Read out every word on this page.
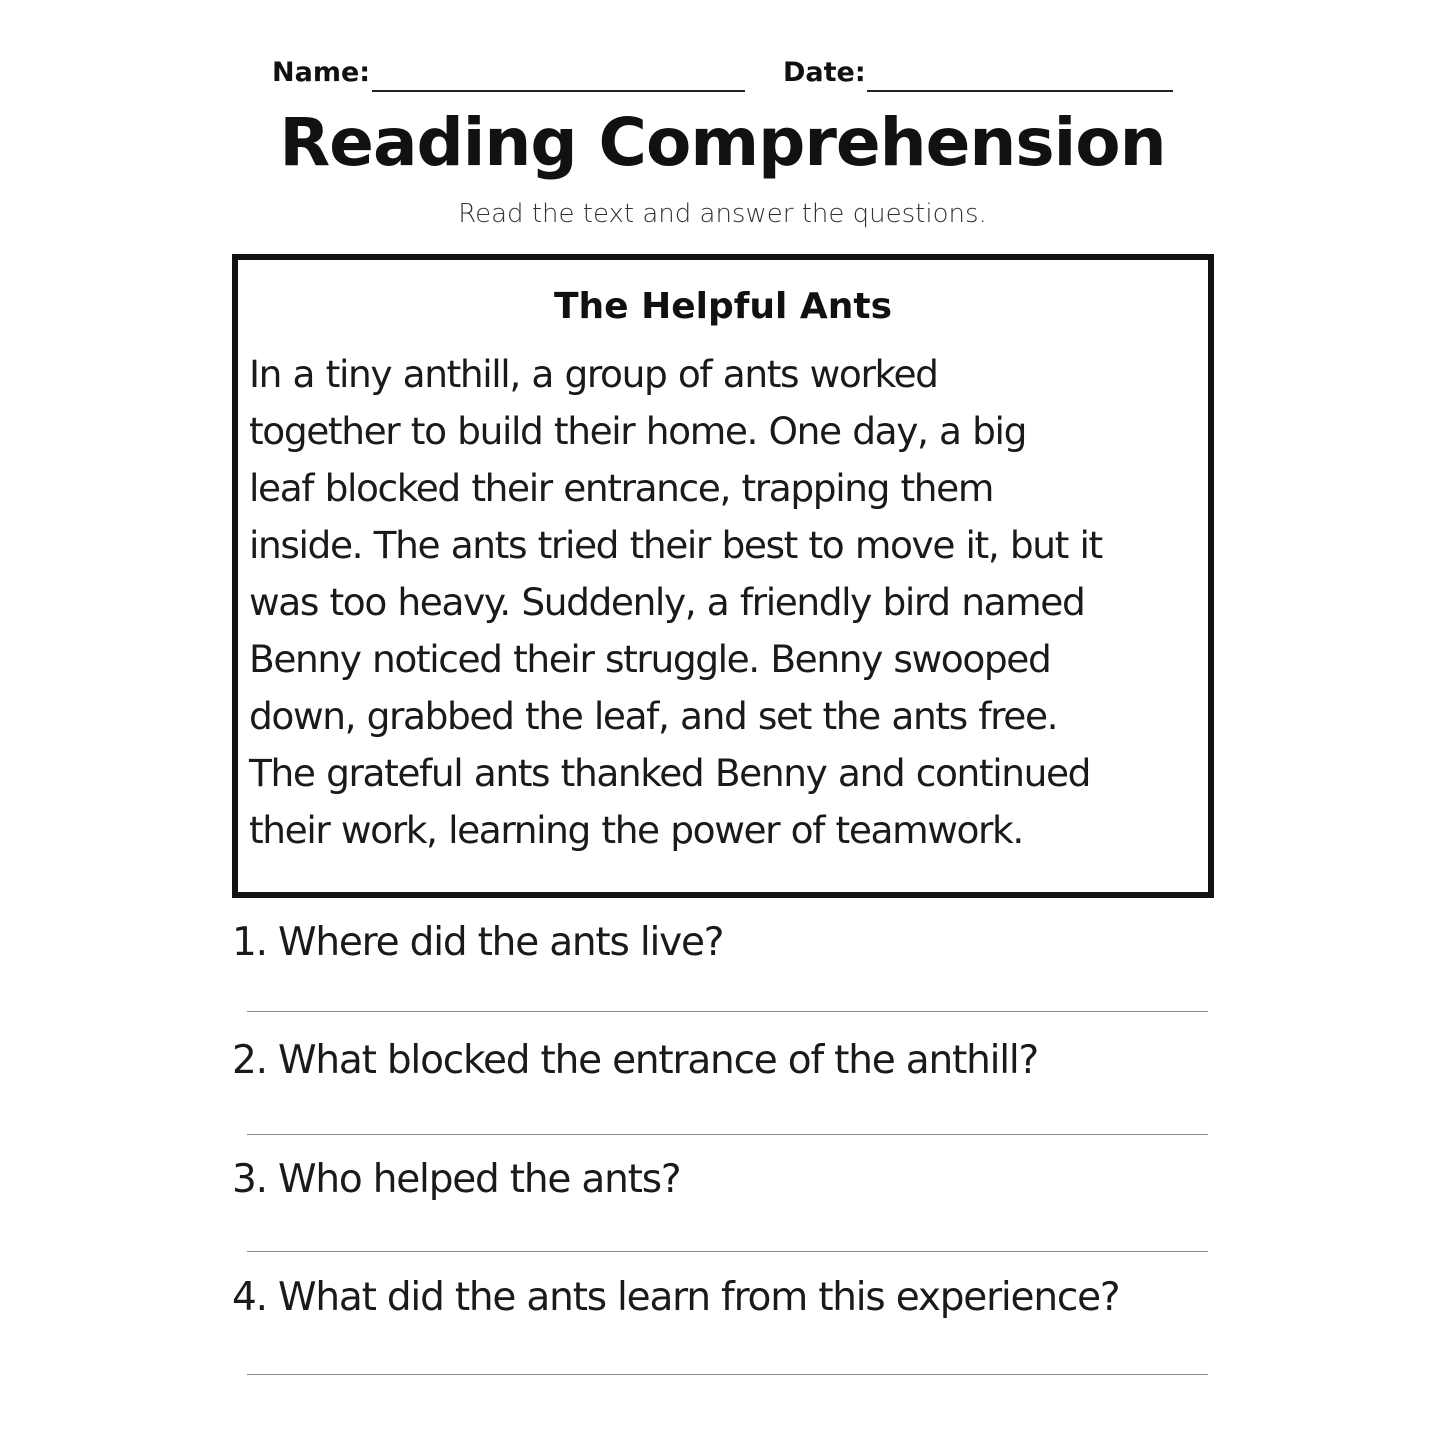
Name:	Date:
Reading Comprehension

Read the text and answer the questions.

The Helpful Ants
In a tiny anthill, a group of ants worked
together to build their home. One day, a big
leaf blocked their entrance, trapping them
inside. The ants tried their best to move it, but it
was too heavy. Suddenly, a friendly bird named
Benny noticed their struggle. Benny swooped
down, grabbed the leaf, and set the ants free.
The grateful ants thanked Benny and continued
their work, learning the power of teamwork.

1. Where did the ants live?

2. What blocked the entrance of the anthill?

3. Who helped the ants?

4. What did the ants learn from this experience?
